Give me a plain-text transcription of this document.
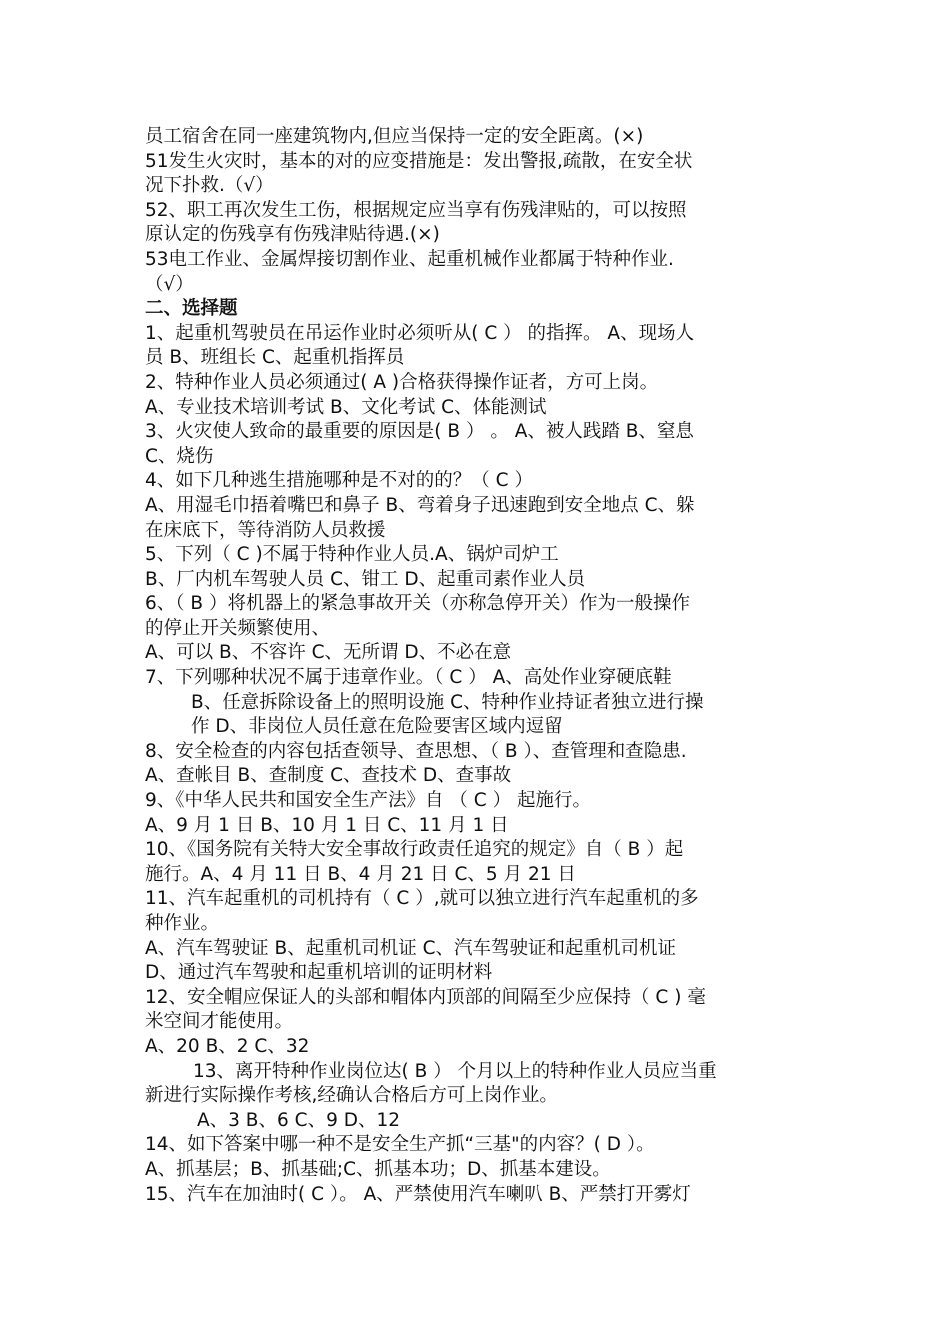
员工宿舍在同一座建筑物内,但应当保持一定的安全距离。(×)
51发生火灾时，基本的对的应变措施是：发出警报,疏散，在安全状
况下扑救.（√）
52、职工再次发生工伤，根据规定应当享有伤残津贴的，可以按照
原认定的伤残享有伤残津贴待遇.(×)
53电工作业、金属焊接切割作业、起重机械作业都属于特种作业.
（√）
二、选择题
1、起重机驾驶员在吊运作业时必须听从( C ） 的指挥。 A、现场人
员 B、班组长 C、起重机指挥员
2、特种作业人员必须通过( A )合格获得操作证者，方可上岗。
A、专业技术培训考试 B、文化考试 C、体能测试
3、火灾使人致命的最重要的原因是( B ） 。 A、被人践踏 B、窒息
C、烧伤
4、如下几种逃生措施哪种是不对的的？（ C ）
A、用湿毛巾捂着嘴巴和鼻子 B、弯着身子迅速跑到安全地点 C、躲
在床底下，等待消防人员救援
5、下列（ C )不属于特种作业人员.A、锅炉司炉工
B、厂内机车驾驶人员 C、钳工 D、起重司素作业人员
6、（ B ）将机器上的紧急事故开关（亦称急停开关）作为一般操作
的停止开关频繁使用、
A、可以 B、不容许 C、无所谓 D、不必在意
7、下列哪种状况不属于违章作业。（ C ） A、高处作业穿硬底鞋
B、任意拆除设备上的照明设施 C、特种作业持证者独立进行操
作 D、非岗位人员任意在危险要害区域内逗留
8、安全检查的内容包括查领导、查思想、（ B ）、查管理和查隐患.
A、查帐目 B、查制度 C、查技术 D、查事故
9、《中华人民共和国安全生产法》自 （ C ） 起施行。
A、9 月 1 日 B、10 月 1 日 C、11 月 1 日
10、《国务院有关特大安全事故行政责任追究的规定》自（ B ）起
施行。A、4 月 11 日 B、4 月 21 日 C、5 月 21 日
11、汽车起重机的司机持有（ C ）,就可以独立进行汽车起重机的多
种作业。
A、汽车驾驶证 B、起重机司机证 C、汽车驾驶证和起重机司机证
D、通过汽车驾驶和起重机培训的证明材料
12、安全帽应保证人的头部和帽体内顶部的间隔至少应保持（ C ) 毫
米空间才能使用。
A、20 B、2 C、32
13、离开特种作业岗位达( B ） 个月以上的特种作业人员应当重
新进行实际操作考核,经确认合格后方可上岗作业。
A、3 B、6 C、9 D、12
14、如下答案中哪一种不是安全生产抓“三基"的内容？( D ）。
A、抓基层；B、抓基础;C、抓基本功；D、抓基本建设。
15、汽车在加油时( C ）。 A、严禁使用汽车喇叭 B、严禁打开雾灯
